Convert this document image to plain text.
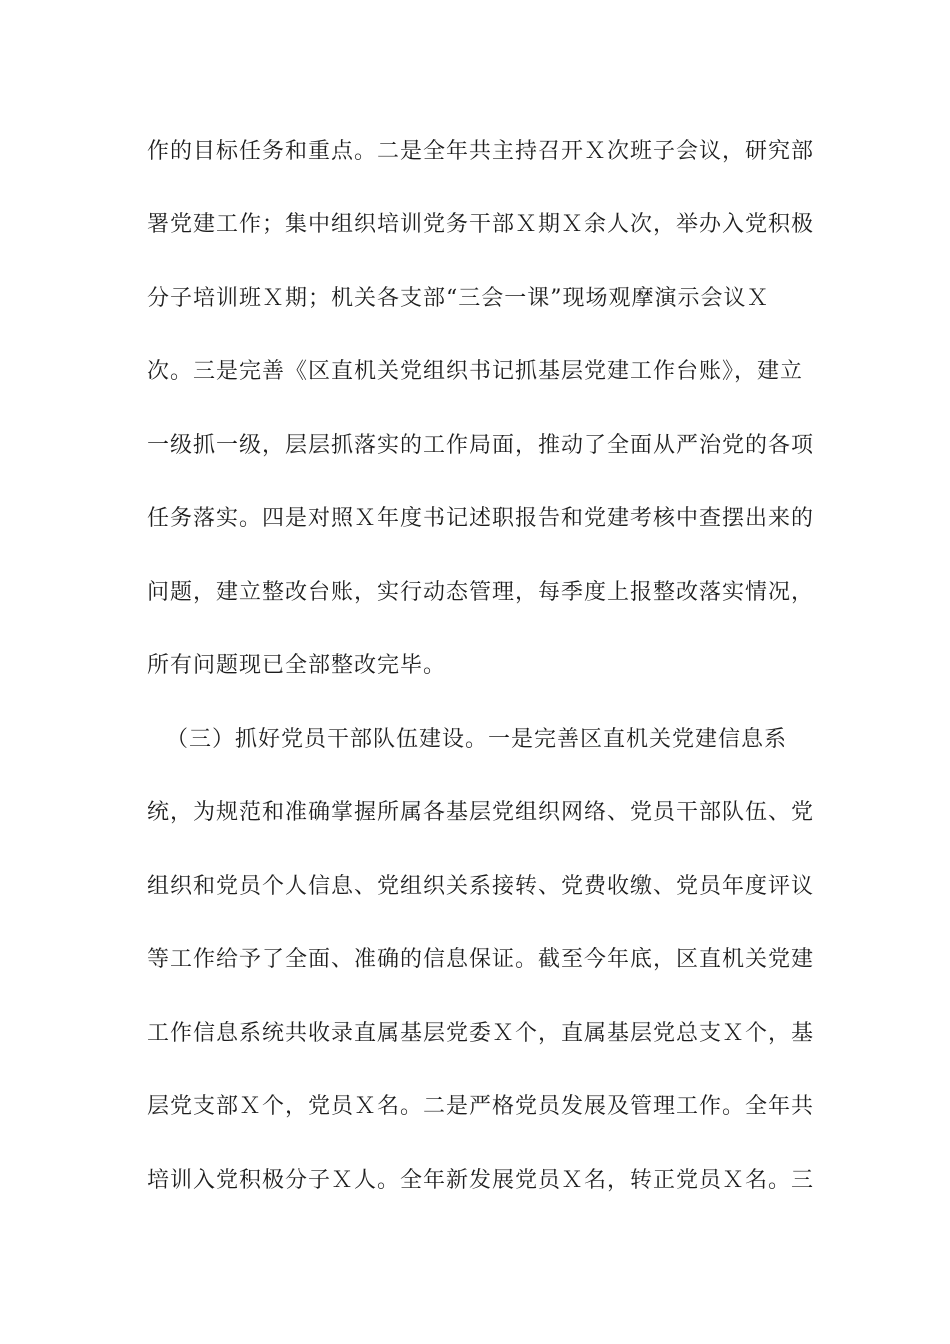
作的目标任务和重点。二是全年共主持召开Ｘ次班子会议，研究部
署党建工作；集中组织培训党务干部Ｘ期Ｘ余人次，举办入党积极
分子培训班Ｘ期；机关各支部“三会一课”现场观摩演示会议Ｘ
次。三是完善《区直机关党组织书记抓基层党建工作台账》，建立
一级抓一级，层层抓落实的工作局面，推动了全面从严治党的各项
任务落实。四是对照Ｘ年度书记述职报告和党建考核中查摆出来的
问题，建立整改台账，实行动态管理，每季度上报整改落实情况，
所有问题现已全部整改完毕。
（三）抓好党员干部队伍建设。一是完善区直机关党建信息系
统，为规范和准确掌握所属各基层党组织网络、党员干部队伍、党
组织和党员个人信息、党组织关系接转、党费收缴、党员年度评议
等工作给予了全面、准确的信息保证。截至今年底，区直机关党建
工作信息系统共收录直属基层党委Ｘ个，直属基层党总支Ｘ个，基
层党支部Ｘ个，党员Ｘ名。二是严格党员发展及管理工作。全年共
培训入党积极分子Ｘ人。全年新发展党员Ｘ名，转正党员Ｘ名。三
